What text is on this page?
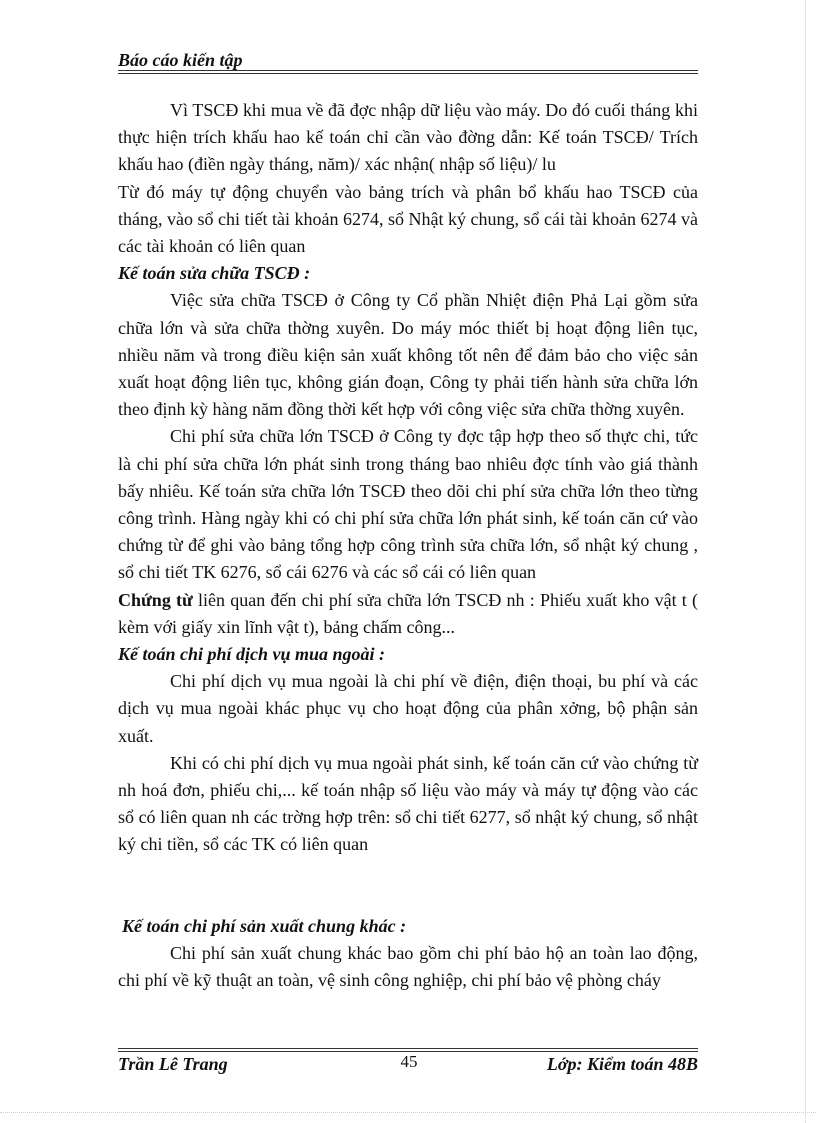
Báo cáo kiến tập

Vì TSCĐ khi mua về đã đợc nhập dữ liệu vào máy. Do đó cuối tháng khi thực hiện trích khấu hao kế toán chỉ cần vào đờng dẫn: Kế toán TSCĐ/ Trích khấu hao (điền ngày tháng, năm)/ xác nhận( nhập số liệu)/ lu

Từ đó máy tự động chuyển vào bảng trích và phân bổ khấu hao TSCĐ của tháng, vào sổ chi tiết tài khoản 6274, sổ Nhật ký chung, sổ cái tài khoản 6274 và các tài khoản có liên quan

Kế toán sửa chữa TSCĐ :

Việc sửa chữa TSCĐ ở Công ty Cổ phần Nhiệt điện Phả Lại gồm sửa chữa lớn và sửa chữa thờng xuyên. Do máy móc thiết bị hoạt động liên tục, nhiều năm và trong điều kiện sản xuất không tốt nên để đảm bảo cho việc sản xuất hoạt động liên tục, không gián đoạn, Công ty phải tiến hành sửa chữa lớn theo định kỳ hàng năm đồng thời kết hợp với công việc sửa chữa thờng xuyên.

Chi phí sửa chữa lớn TSCĐ ở Công ty đợc tập hợp theo số thực chi, tức là chi phí sửa chữa lớn phát sinh trong tháng bao nhiêu đợc tính vào giá thành bấy nhiêu. Kế toán sửa chữa lớn TSCĐ theo dõi chi phí sửa chữa lớn theo từng công trình. Hàng ngày khi có chi phí sửa chữa lớn phát sinh, kế toán căn cứ vào chứng từ để ghi vào bảng tổng hợp công trình sửa chữa lớn, sổ nhật ký chung , sổ chi tiết TK 6276, sổ cái 6276 và các sổ cái có liên quan

Chứng từ liên quan đến chi phí sửa chữa lớn TSCĐ nh : Phiếu xuất kho vật t ( kèm với giấy xin lĩnh vật t), bảng chấm công...

Kế toán chi phí dịch vụ mua ngoài :

Chi phí dịch vụ mua ngoài là chi phí về điện, điện thoại, bu phí và các dịch vụ mua ngoài khác phục vụ cho hoạt động của phân xởng, bộ phận sản xuất.

Khi có chi phí dịch vụ mua ngoài phát sinh, kế toán căn cứ vào chứng từ nh hoá đơn, phiếu chi,... kế toán nhập số liệu vào máy và máy tự động vào các sổ có liên quan nh các trờng hợp trên: sổ chi tiết 6277, sổ nhật ký chung, sổ nhật ký chi tiền, sổ các TK có liên quan

Kế toán chi phí sản xuất chung khác :

Chi phí sản xuất chung khác bao gồm chi phí bảo hộ an toàn lao động, chi phí về kỹ thuật an toàn, vệ sinh công nghiệp, chi phí bảo vệ phòng cháy

Trần Lê Trang	45	Lớp: Kiểm toán 48B
